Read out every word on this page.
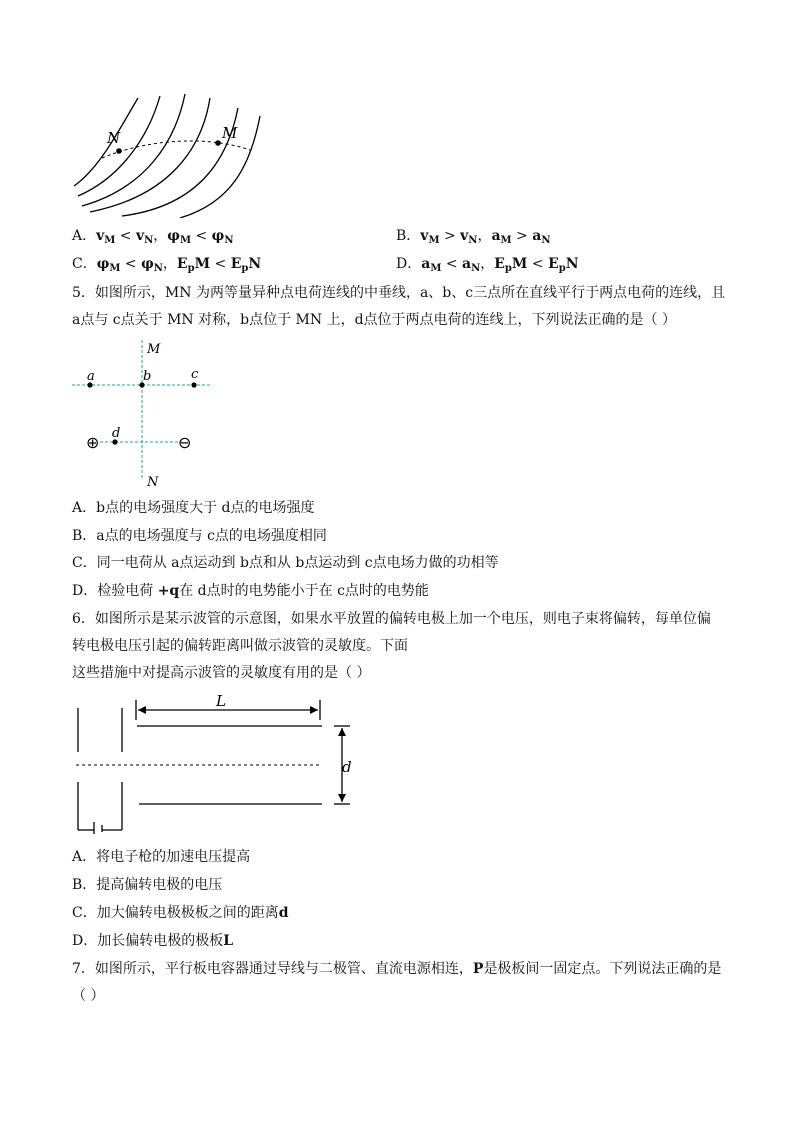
N	M
A．$v_M < v_N$，$\varphi_M < \varphi_N$	B．$v_M > v_N$，$a_M > a_N$
C．$\varphi_M < \varphi_N$，$E_pM < E_pN$	D．$a_M < a_N$，$E_pM < E_pN$
5．如图所示，MN 为两等量异种点电荷连线的中垂线，a、b、c三点所在直线平行于两点电荷的连线，且
a点与 c点关于 MN 对称，b点位于 MN 上，d点位于两点电荷的连线上，下列说法正确的是（ ）
M
N
a	b	c
d
⊕	⊖
A．b点的电场强度大于 d点的电场强度
B．a点的电场强度与 c点的电场强度相同
C．同一电荷从 a点运动到 b点和从 b点运动到 c点电场力做的功相等
D．检验电荷 +q在 d点时的电势能小于在 c点时的电势能
6．如图所示是某示波管的示意图，如果水平放置的偏转电极上加一个电压，则电子束将偏转，每单位偏
转电极电压引起的偏转距离叫做示波管的灵敏度。下面
这些措施中对提高示波管的灵敏度有用的是（ ）
L
d
A．将电子枪的加速电压提高
B．提高偏转电极的电压
C．加大偏转电极极板之间的距离d
D．加长偏转电极的极板L
7．如图所示，平行板电容器通过导线与二极管、直流电源相连，P是极板间一固定点。下列说法正确的是
（ ）
